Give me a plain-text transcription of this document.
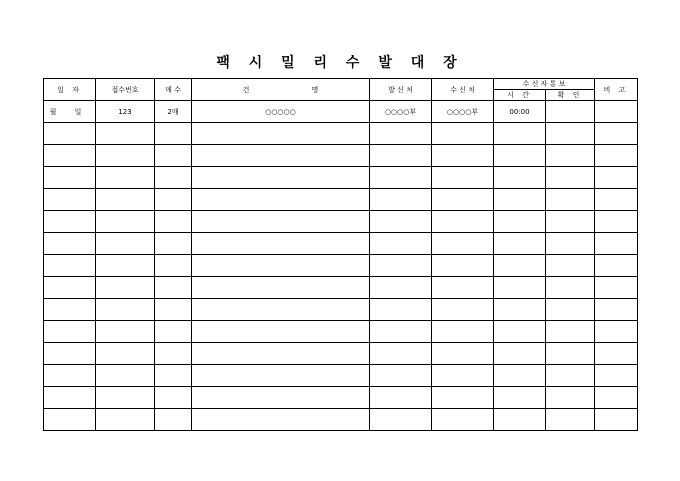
팩 시 밀 리 수 발 대 장
일 자	접수번호	매 수	건 명	발 신 처	수 신 처	수 신 자 통 보		비 고
						시 간	확 인	
월 일	123	2매	○○○○○	○○○○부	○○○○부	00:00		
